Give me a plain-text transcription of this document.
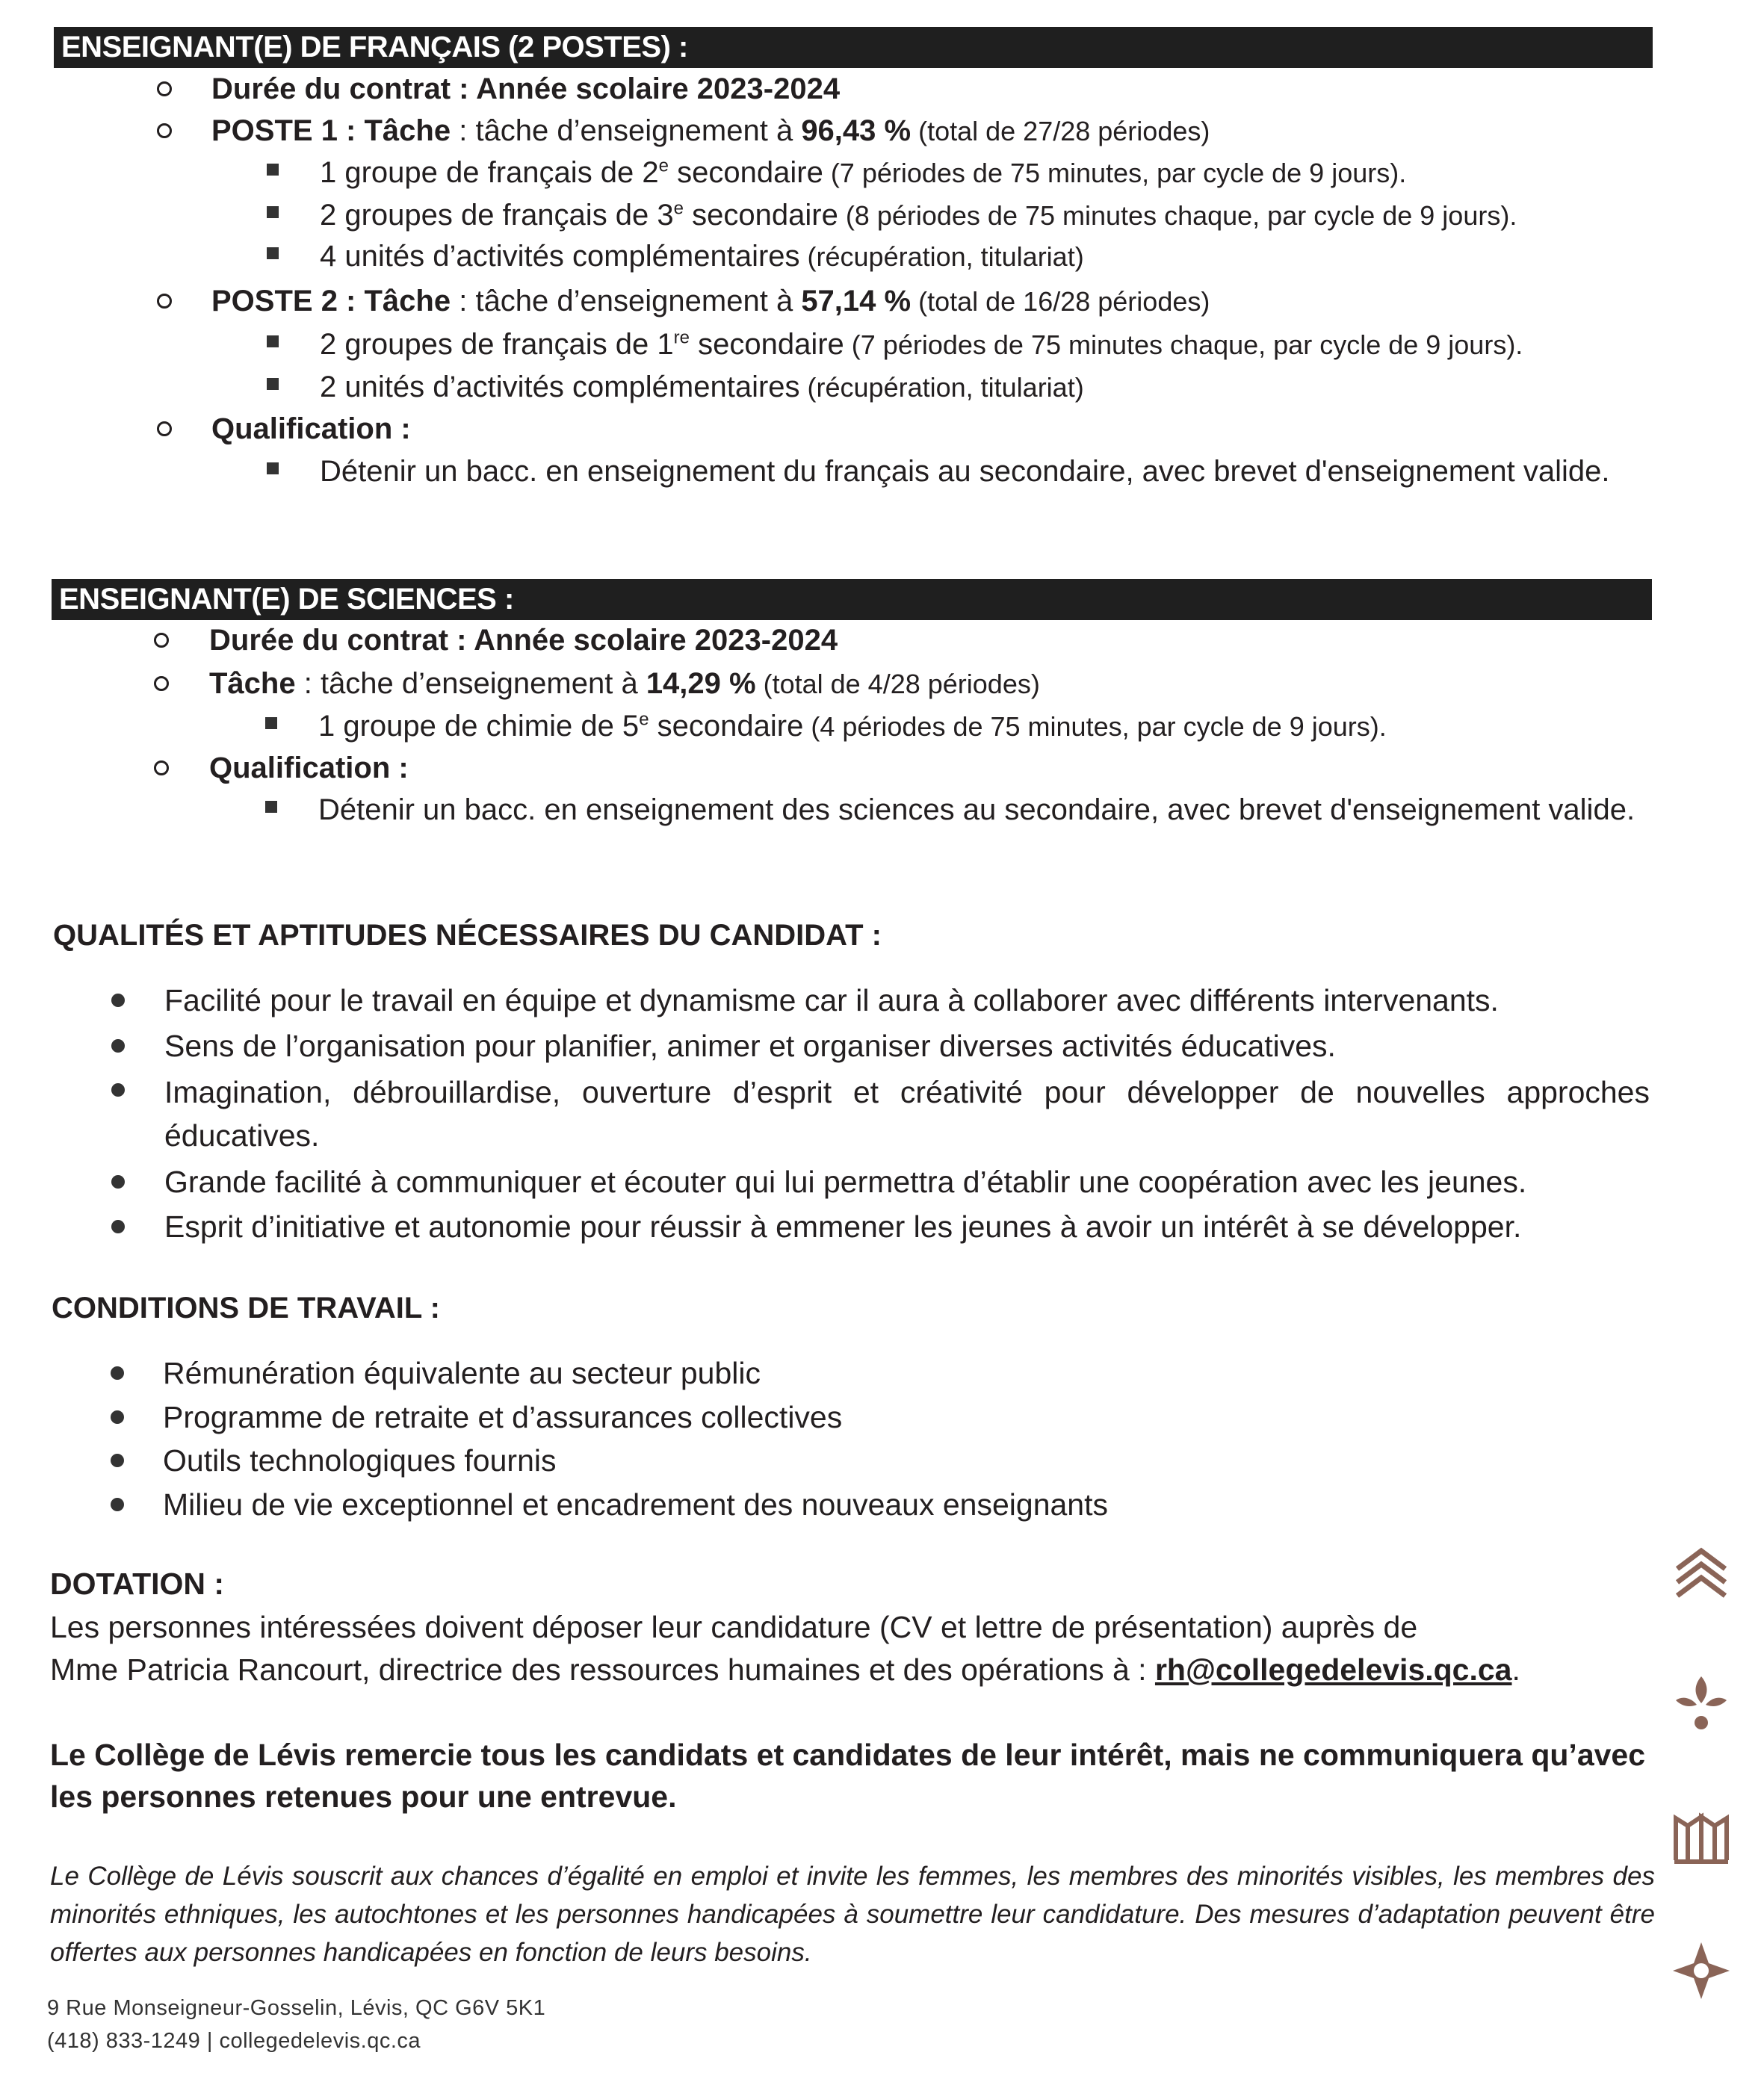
ENSEIGNANT(E) DE FRANÇAIS (2 POSTES) :
Durée du contrat : Année scolaire 2023-2024
POSTE 1 : Tâche : tâche d’enseignement à 96,43 % (total de 27/28 périodes)
1 groupe de français de 2e secondaire (7 périodes de 75 minutes, par cycle de 9 jours).
2 groupes de français de 3e secondaire (8 périodes de 75 minutes chaque, par cycle de 9 jours).
4 unités d’activités complémentaires (récupération, titulariat)
POSTE 2 : Tâche : tâche d’enseignement à 57,14 % (total de 16/28 périodes)
2 groupes de français de 1re secondaire (7 périodes de 75 minutes chaque, par cycle de 9 jours).
2 unités d’activités complémentaires (récupération, titulariat)
Qualification :
Détenir un bacc. en enseignement du français au secondaire, avec brevet d'enseignement valide.
ENSEIGNANT(E) DE SCIENCES :
Durée du contrat : Année scolaire 2023-2024
Tâche : tâche d’enseignement à 14,29 % (total de 4/28 périodes)
1 groupe de chimie de 5e secondaire (4 périodes de 75 minutes, par cycle de 9 jours).
Qualification :
Détenir un bacc. en enseignement des sciences au secondaire, avec brevet d'enseignement valide.
QUALITÉS ET APTITUDES NÉCESSAIRES DU CANDIDAT :
Facilité pour le travail en équipe et dynamisme car il aura à collaborer avec différents intervenants.
Sens de l’organisation pour planifier, animer et organiser diverses activités éducatives.
Imagination, débrouillardise, ouverture d’esprit et créativité pour développer de nouvelles approches éducatives.
Grande facilité à communiquer et écouter qui lui permettra d’établir une coopération avec les jeunes.
Esprit d’initiative et autonomie pour réussir à emmener les jeunes à avoir un intérêt à se développer.
CONDITIONS DE TRAVAIL :
Rémunération équivalente au secteur public
Programme de retraite et d’assurances collectives
Outils technologiques fournis
Milieu de vie exceptionnel et encadrement des nouveaux enseignants
DOTATION :
Les personnes intéressées doivent déposer leur candidature (CV et lettre de présentation) auprès de
Mme Patricia Rancourt, directrice des ressources humaines et des opérations à : rh@collegedelevis.qc.ca.
Le Collège de Lévis remercie tous les candidats et candidates de leur intérêt, mais ne communiquera qu’avec les personnes retenues pour une entrevue.
Le Collège de Lévis souscrit aux chances d’égalité en emploi et invite les femmes, les membres des minorités visibles, les membres des minorités ethniques, les autochtones et les personnes handicapées à soumettre leur candidature. Des mesures d’adaptation peuvent être offertes aux personnes handicapées en fonction de leurs besoins.
9 Rue Monseigneur-Gosselin, Lévis, QC G6V 5K1
(418) 833-1249 | collegedelevis.qc.ca
